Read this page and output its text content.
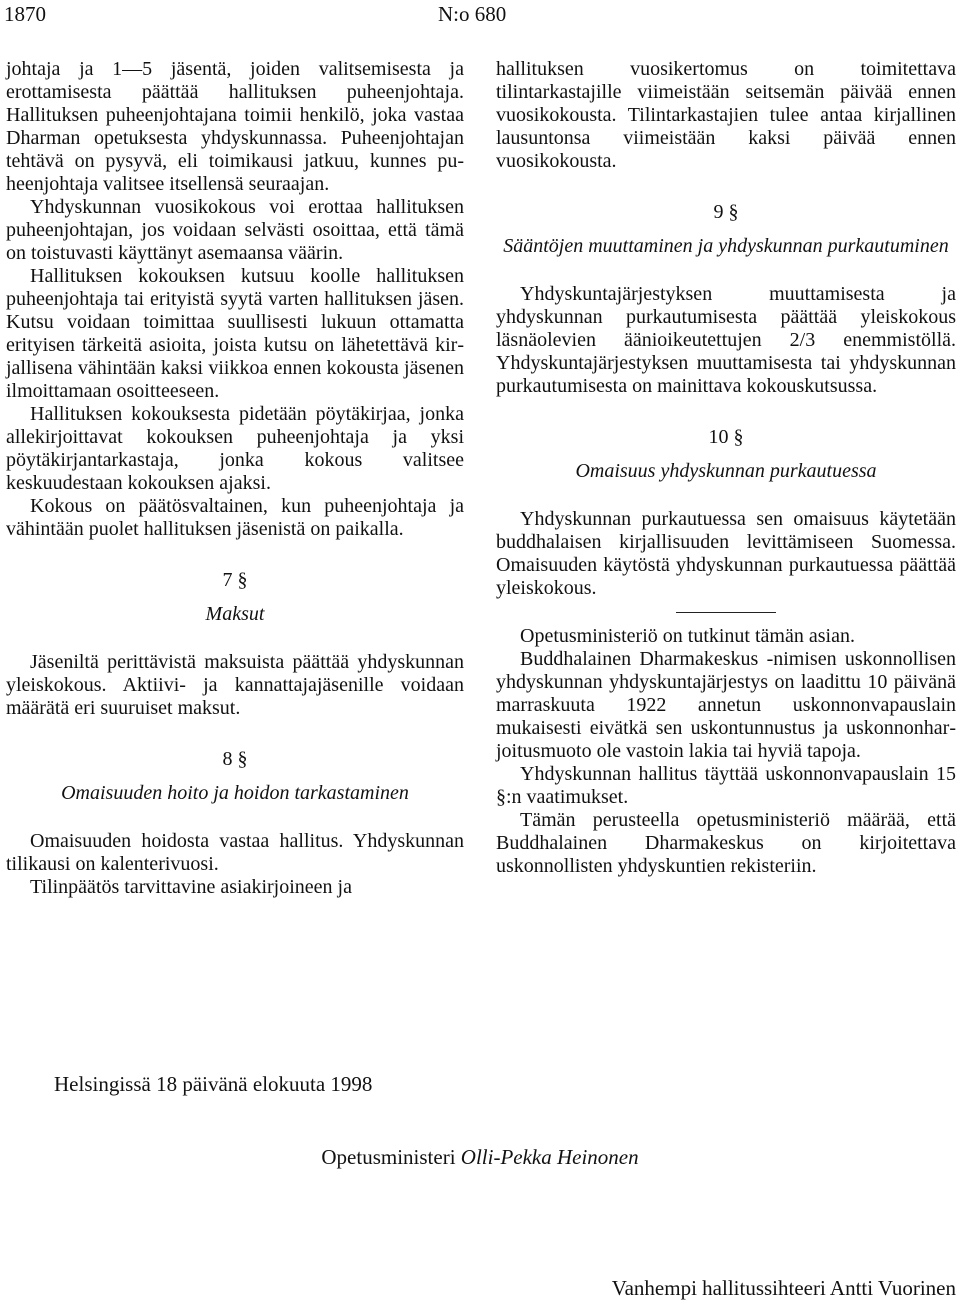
1870	N:o 680

johtaja ja 1—5 jäsentä, joiden valitsemisesta ja erottamisesta päättää hallituksen puheenjohtaja. Hallituksen puheenjohtajana toimii henkilö, joka vastaa Dharman opetuksesta yhdyskunnassa. Puheenjohtajan tehtävä on pysyvä, eli toimikausi jatkuu, kunnes puheenjohtaja valitsee itsellensä seuraajan.

Yhdyskunnan vuosikokous voi erottaa hallituksen puheenjohtajan, jos voidaan selvästi osoittaa, että tämä on toistuvasti käyttänyt asemaansa väärin.

Hallituksen kokouksen kutsuu koolle hallituksen puheenjohtaja tai erityistä syytä varten hallituksen jäsen. Kutsu voidaan toimittaa suullisesti lukuun ottamatta erityisen tärkeitä asioita, joista kutsu on lähetettävä kirjallisena vähintään kaksi viikkoa ennen kokousta jäsenen ilmoittamaan osoitteeseen.

Hallituksen kokouksesta pidetään pöytäkirjaa, jonka allekirjoittavat kokouksen puheenjohtaja ja yksi pöytäkirjantarkastaja, jonka kokous valitsee keskuudestaan kokouksen ajaksi.

Kokous on päätösvaltainen, kun puheenjohtaja ja vähintään puolet hallituksen jäsenistä on paikalla.

7 §
Maksut

Jäseniltä perittävistä maksuista päättää yhdyskunnan yleiskokous. Aktiivi- ja kannattajajäsenille voidaan määrätä eri suuruiset maksut.

8 §
Omaisuuden hoito ja hoidon tarkastaminen

Omaisuuden hoidosta vastaa hallitus. Yhdyskunnan tilikausi on kalenterivuosi.

Tilinpäätös tarvittavine asiakirjoineen ja

hallituksen vuosikertomus on toimitettava tilintarkastajille viimeistään seitsemän päivää ennen vuosikokousta. Tilintarkastajien tulee antaa kirjallinen lausuntonsa viimeistään kaksi päivää ennen vuosikokousta.

9 §
Sääntöjen muuttaminen ja yhdyskunnan purkautuminen

Yhdyskuntajärjestyksen muuttamisesta ja yhdyskunnan purkautumisesta päättää yleiskokous läsnäolevien äänioikeutettujen 2/3 enemmistöllä. Yhdyskuntajärjestyksen muuttamisesta tai yhdyskunnan purkautumisesta on mainittava kokouskutsussa.

10 §
Omaisuus yhdyskunnan purkautuessa

Yhdyskunnan purkautuessa sen omaisuus käytetään buddhalaisen kirjallisuuden levittämiseen Suomessa. Omaisuuden käytöstä yhdyskunnan purkautuessa päättää yleiskokous.

Opetusministeriö on tutkinut tämän asian.

Buddhalainen Dharmakeskus -nimisen uskonnollisen yhdyskunnan yhdyskuntajärjestys on laadittu 10 päivänä marraskuuta 1922 annetun uskonnonvapauslain mukaisesti eivätkä sen uskontunnustus ja uskonnonharjoitusmuoto ole vastoin lakia tai hyviä tapoja.

Yhdyskunnan hallitus täyttää uskonnonvapauslain 15 §:n vaatimukset.

Tämän perusteella opetusministeriö määrää, että Buddhalainen Dharmakeskus on kirjoitettava uskonnollisten yhdyskuntien rekisteriin.

Helsingissä 18 päivänä elokuuta 1998
Opetusministeri Olli-Pekka Heinonen
Vanhempi hallitussihteeri Antti Vuorinen
